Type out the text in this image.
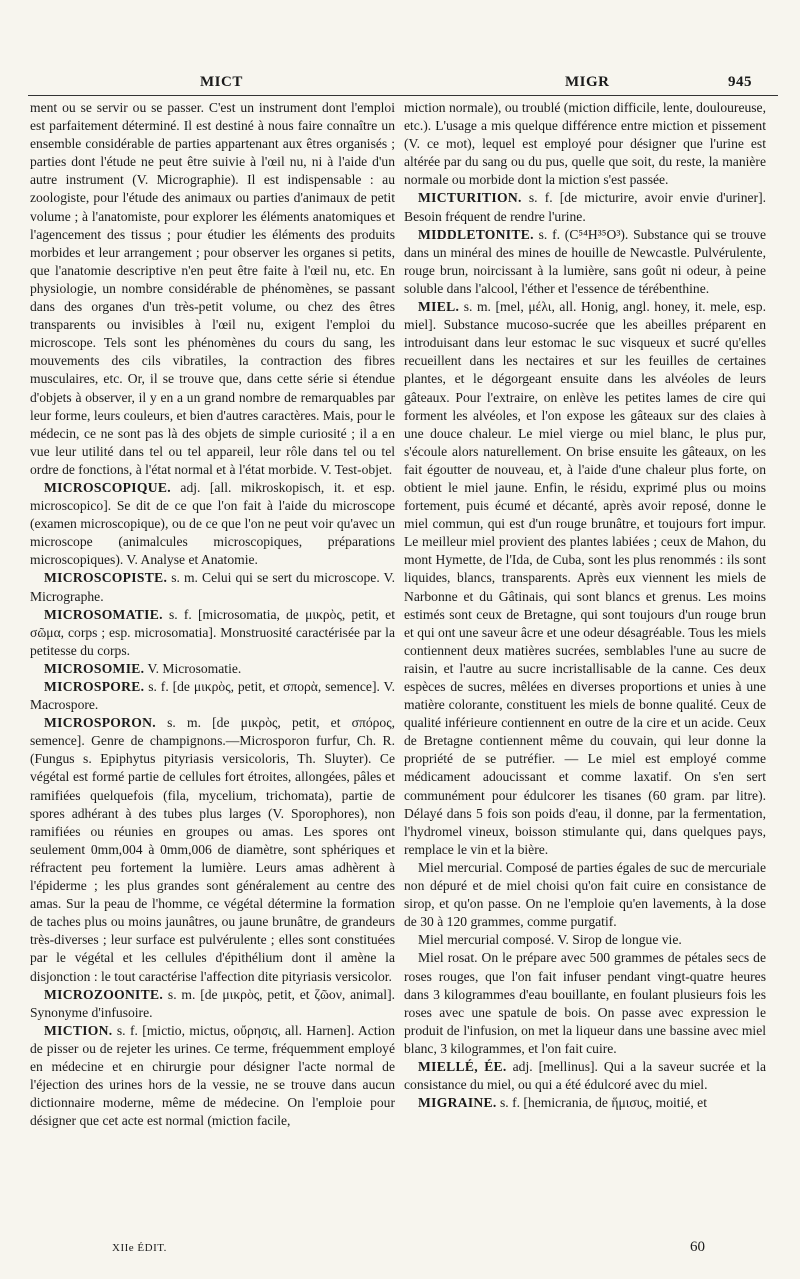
MICT	MIGR	945

ment ou se servir ou se passer. C'est un instrument dont l'emploi est parfaitement déterminé. Il est destiné à nous faire connaître un ensemble considérable de parties appartenant aux êtres organisés ; parties dont l'étude ne peut être suivie à l'œil nu, ni à l'aide d'un autre instrument (V. Micrographie). Il est indispensable : au zoologiste, pour l'étude des animaux ou parties d'animaux de petit volume ; à l'anatomiste, pour explorer les éléments anatomiques et l'agencement des tissus ; pour étudier les éléments des produits morbides et leur arrangement ; pour observer les organes si petits, que l'anatomie descriptive n'en peut être faite à l'œil nu, etc. En physiologie, un nombre considérable de phénomènes, se passant dans des organes d'un très-petit volume, ou chez des êtres transparents ou invisibles à l'œil nu, exigent l'emploi du microscope. Tels sont les phénomènes du cours du sang, les mouvements des cils vibratiles, la contraction des fibres musculaires, etc. Or, il se trouve que, dans cette série si étendue d'objets à observer, il y en a un grand nombre de remarquables par leur forme, leurs couleurs, et bien d'autres caractères. Mais, pour le médecin, ce ne sont pas là des objets de simple curiosité ; il a en vue leur utilité dans tel ou tel appareil, leur rôle dans tel ou tel ordre de fonctions, à l'état normal et à l'état morbide. V. Test-objet.

MICROSCOPIQUE. adj. [all. mikroskopisch, it. et esp. microscopico]. Se dit de ce que l'on fait à l'aide du microscope (examen microscopique), ou de ce que l'on ne peut voir qu'avec un microscope (animalcules microscopiques, préparations microscopiques). V. Analyse et Anatomie.

MICROSCOPISTE. s. m. Celui qui se sert du microscope. V. Micrographe.

MICROSOMATIE. s. f. [microsomatia, de μικρὸς, petit, et σῶμα, corps ; esp. microsomatia]. Monstruosité caractérisée par la petitesse du corps.

MICROSOMIE. V. Microsomatie.

MICROSPORE. s. f. [de μικρὸς, petit, et σπορὰ, semence]. V. Macrospore.

MICROSPORON. s. m. [de μικρὸς, petit, et σπόρος, semence]. Genre de champignons.—Microsporon furfur, Ch. R. (Fungus s. Epiphytus pityriasis versicoloris, Th. Sluyter). Ce végétal est formé partie de cellules fort étroites, allongées, pâles et ramifiées quelquefois (fila, mycelium, trichomata), partie de spores adhérant à des tubes plus larges (V. Sporophores), non ramifiées ou réunies en groupes ou amas. Les spores ont seulement 0mm,004 à 0mm,006 de diamètre, sont sphériques et réfractent peu fortement la lumière. Leurs amas adhèrent à l'épiderme ; les plus grandes sont généralement au centre des amas. Sur la peau de l'homme, ce végétal détermine la formation de taches plus ou moins jaunâtres, ou jaune brunâtre, de grandeurs très-diverses ; leur surface est pulvérulente ; elles sont constituées par le végétal et les cellules d'épithélium dont il amène la disjonction : le tout caractérise l'affection dite pityriasis versicolor.

MICROZOONITE. s. m. [de μικρὸς, petit, et ζῶον, animal]. Synonyme d'infusoire.

MICTION. s. f. [mictio, mictus, οὔρησις, all. Harnen]. Action de pisser ou de rejeter les urines. Ce terme, fréquemment employé en médecine et en chirurgie pour désigner l'acte normal de l'éjection des urines hors de la vessie, ne se trouve dans aucun dictionnaire moderne, même de médecine. On l'emploie pour désigner que cet acte est normal (miction facile,

miction normale), ou troublé (miction difficile, lente, douloureuse, etc.). L'usage a mis quelque différence entre miction et pissement (V. ce mot), lequel est employé pour désigner que l'urine est altérée par du sang ou du pus, quelle que soit, du reste, la manière normale ou morbide dont la miction s'est passée.

MICTURITION. s. f. [de micturire, avoir envie d'uriner]. Besoin fréquent de rendre l'urine.

MIDDLETONITE. s. f. (C⁵⁴H³⁵O³). Substance qui se trouve dans un minéral des mines de houille de Newcastle. Pulvérulente, rouge brun, noircissant à la lumière, sans goût ni odeur, à peine soluble dans l'alcool, l'éther et l'essence de térébenthine.

MIEL. s. m. [mel, μέλι, all. Honig, angl. honey, it. mele, esp. miel]. Substance mucoso-sucrée que les abeilles préparent en introduisant dans leur estomac le suc visqueux et sucré qu'elles recueillent dans les nectaires et sur les feuilles de certaines plantes, et le dégorgeant ensuite dans les alvéoles de leurs gâteaux. Pour l'extraire, on enlève les petites lames de cire qui forment les alvéoles, et l'on expose les gâteaux sur des claies à une douce chaleur. Le miel vierge ou miel blanc, le plus pur, s'écoule alors naturellement. On brise ensuite les gâteaux, on les fait égoutter de nouveau, et, à l'aide d'une chaleur plus forte, on obtient le miel jaune. Enfin, le résidu, exprimé plus ou moins fortement, puis écumé et décanté, après avoir reposé, donne le miel commun, qui est d'un rouge brunâtre, et toujours fort impur. Le meilleur miel provient des plantes labiées ; ceux de Mahon, du mont Hymette, de l'Ida, de Cuba, sont les plus renommés : ils sont liquides, blancs, transparents. Après eux viennent les miels de Narbonne et du Gâtinais, qui sont blancs et grenus. Les moins estimés sont ceux de Bretagne, qui sont toujours d'un rouge brun et qui ont une saveur âcre et une odeur désagréable. Tous les miels contiennent deux matières sucrées, semblables l'une au sucre de raisin, et l'autre au sucre incristallisable de la canne. Ces deux espèces de sucres, mêlées en diverses proportions et unies à une matière colorante, constituent les miels de bonne qualité. Ceux de qualité inférieure contiennent en outre de la cire et un acide. Ceux de Bretagne contiennent même du couvain, qui leur donne la propriété de se putréfier. — Le miel est employé comme médicament adoucissant et comme laxatif. On s'en sert communément pour édulcorer les tisanes (60 gram. par litre). Délayé dans 5 fois son poids d'eau, il donne, par la fermentation, l'hydromel vineux, boisson stimulante qui, dans quelques pays, remplace le vin et la bière.

Miel mercurial. Composé de parties égales de suc de mercuriale non dépuré et de miel choisi qu'on fait cuire en consistance de sirop, et qu'on passe. On ne l'emploie qu'en lavements, à la dose de 30 à 120 grammes, comme purgatif.

Miel mercurial composé. V. Sirop de longue vie.

Miel rosat. On le prépare avec 500 grammes de pétales secs de roses rouges, que l'on fait infuser pendant vingt-quatre heures dans 3 kilogrammes d'eau bouillante, en foulant plusieurs fois les roses avec une spatule de bois. On passe avec expression le produit de l'infusion, on met la liqueur dans une bassine avec miel blanc, 3 kilogrammes, et l'on fait cuire.

MIELLÉ, ÉE. adj. [mellinus]. Qui a la saveur sucrée et la consistance du miel, ou qui a été édulcoré avec du miel.

MIGRAINE. s. f. [hemicrania, de ἥμισυς, moitié, et

XIIe ÉDIT.	60
